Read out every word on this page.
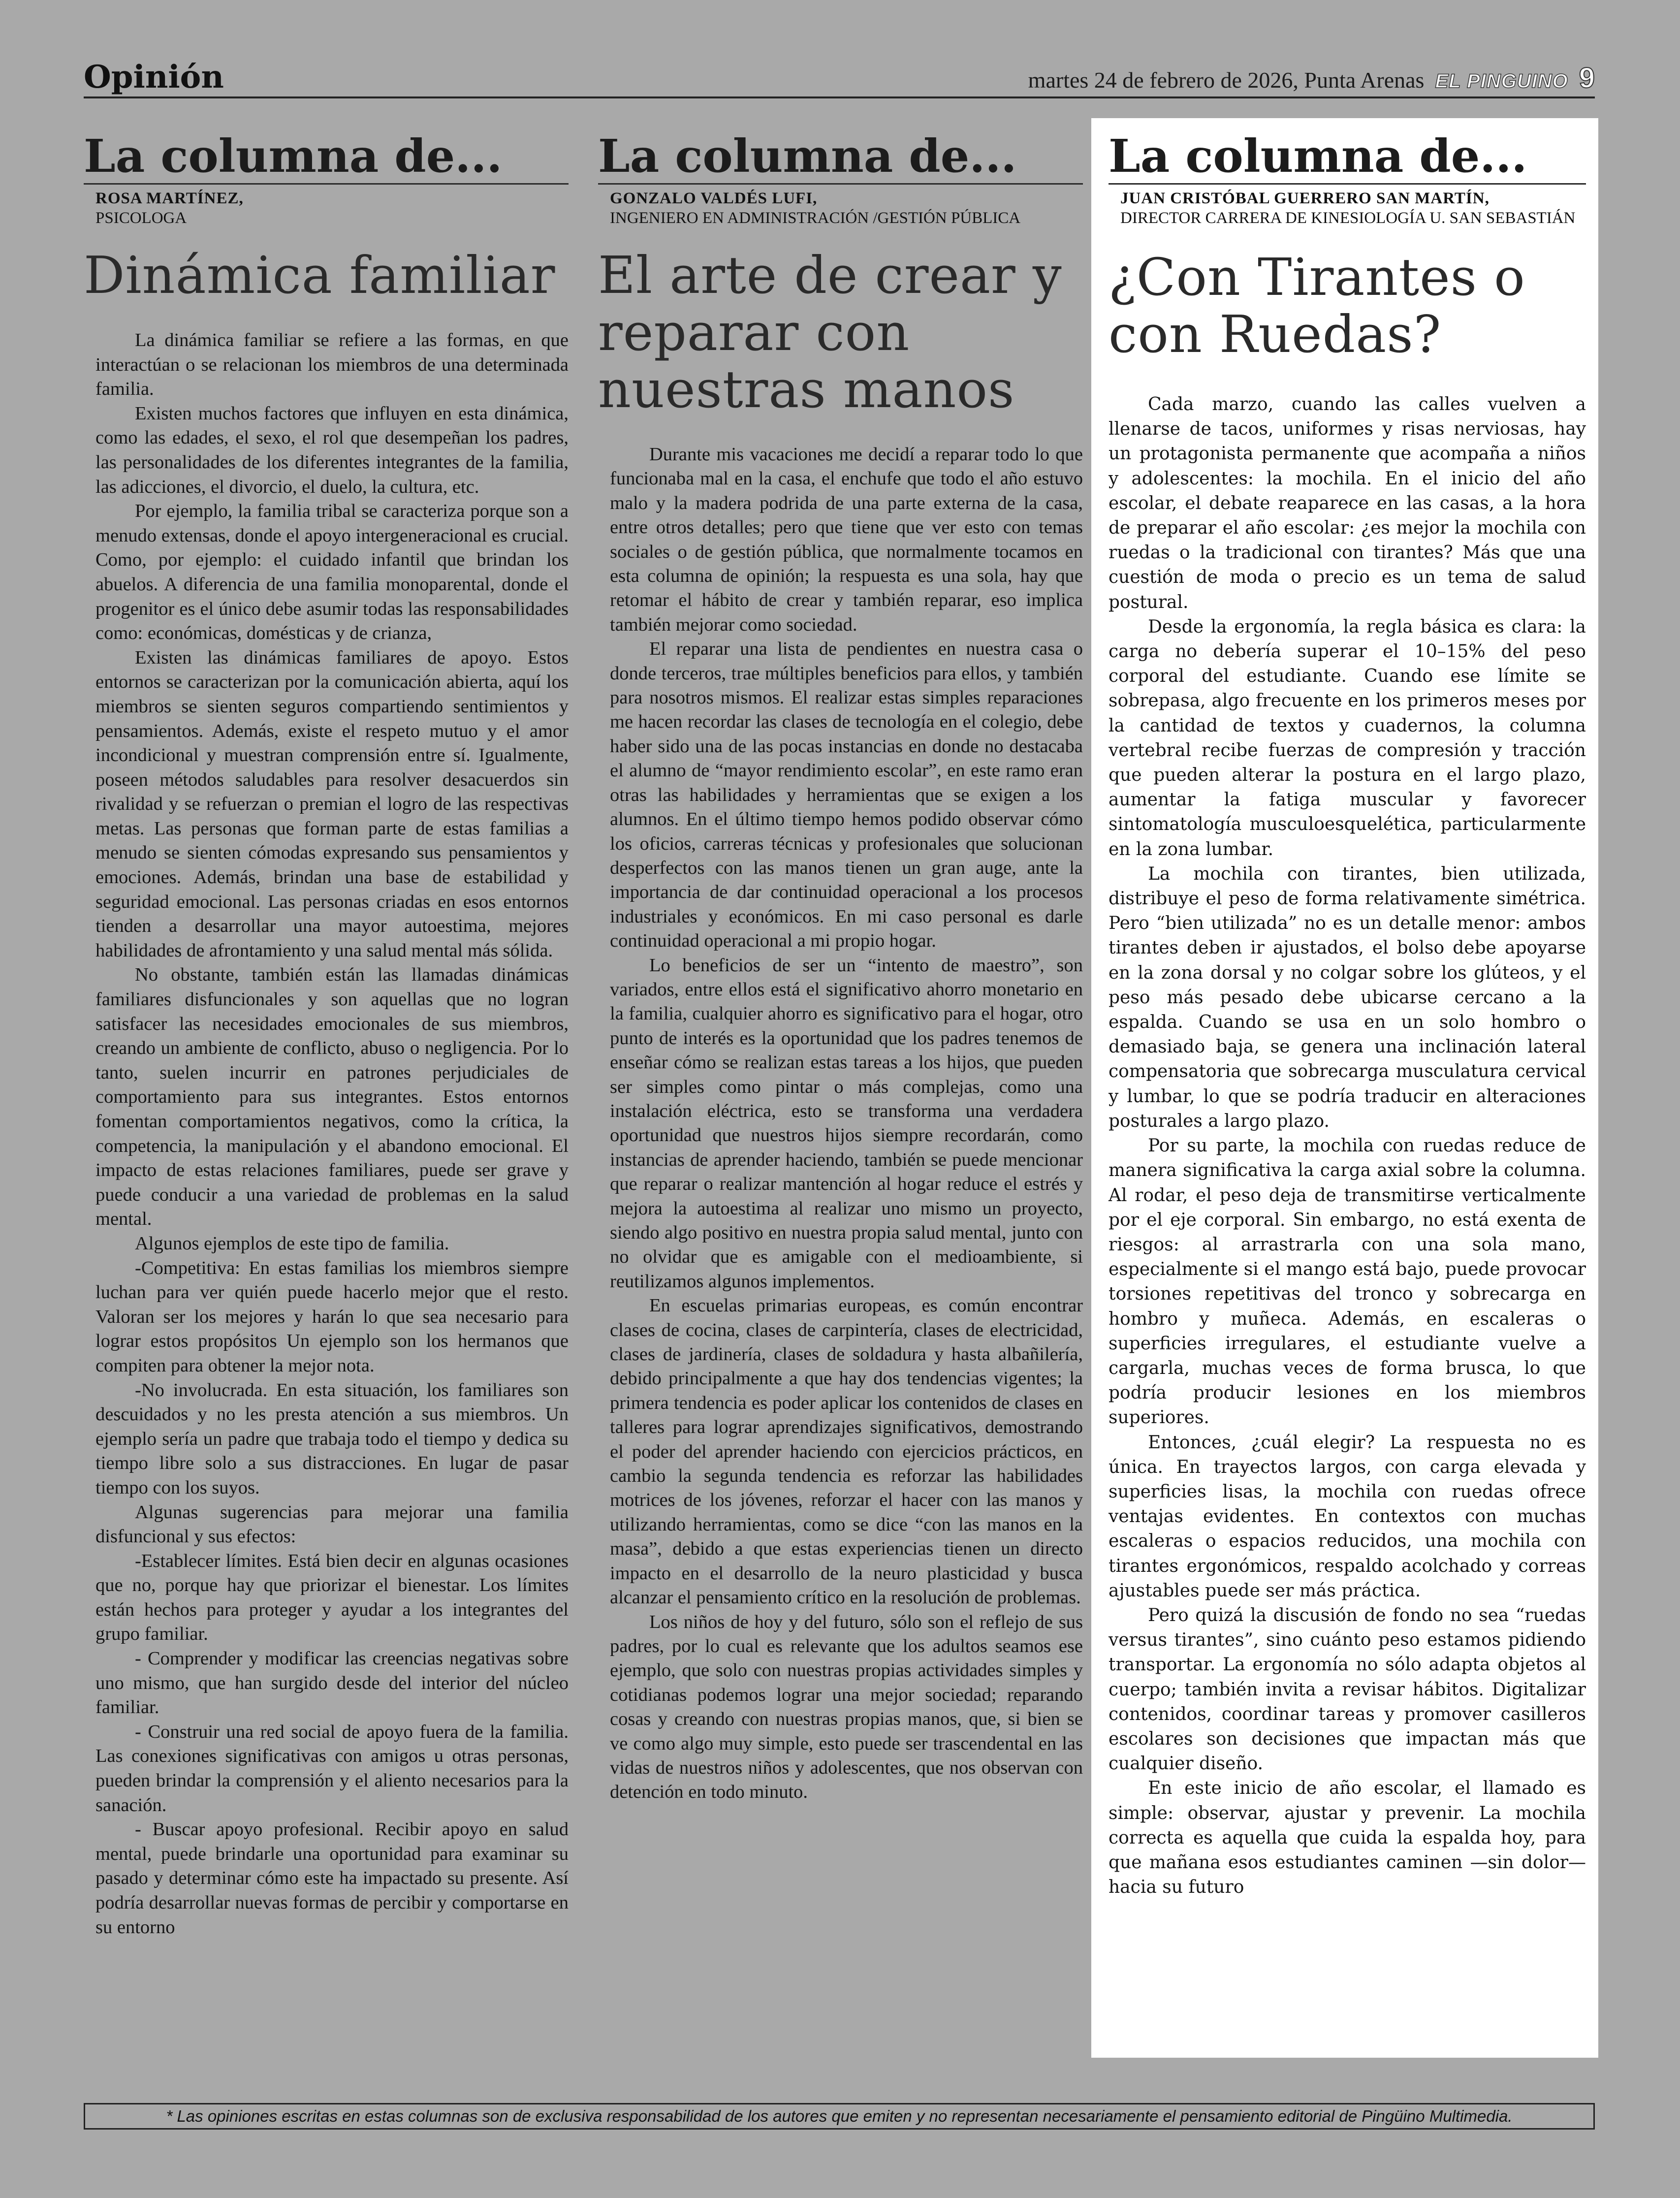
Opinión	martes 24 de febrero de 2026, Punta Arenas EL PINGUINO 9
La columna de...
ROSA MARTÍNEZ,
PSICOLOGA
Dinámica familiar

La dinámica familiar se refiere a las formas, en que interactúan o se relacionan los miembros de una determinada familia.

Existen muchos factores que influyen en esta dinámica, como las edades, el sexo, el rol que desempeñan los padres, las personalidades de los diferentes integrantes de la familia, las adicciones, el divorcio, el duelo, la cultura, etc.

Por ejemplo, la familia tribal se caracteriza porque son a menudo extensas, donde el apoyo intergeneracional es crucial. Como, por ejemplo: el cuidado infantil que brindan los abuelos. A diferencia de una familia monoparental, donde el progenitor es el único debe asumir todas las responsabilidades como: económicas, domésticas y de crianza,

Existen las dinámicas familiares de apoyo. Estos entornos se caracterizan por la comunicación abierta, aquí los miembros se sienten seguros compartiendo sentimientos y pensamientos. Además, existe el respeto mutuo y el amor incondicional y muestran comprensión entre sí. Igualmente, poseen métodos saludables para resolver desacuerdos sin rivalidad y se refuerzan o premian el logro de las respectivas metas. Las personas que forman parte de estas familias a menudo se sienten cómodas expresando sus pensamientos y emociones. Además, brindan una base de estabilidad y seguridad emocional. Las personas criadas en esos entornos tienden a desarrollar una mayor autoestima, mejores habilidades de afrontamiento y una salud mental más sólida.

No obstante, también están las llamadas dinámicas familiares disfuncionales y son aquellas que no logran satisfacer las necesidades emocionales de sus miembros, creando un ambiente de conflicto, abuso o negligencia. Por lo tanto, suelen incurrir en patrones perjudiciales de comportamiento para sus integrantes. Estos entornos fomentan comportamientos negativos, como la crítica, la competencia, la manipulación y el abandono emocional. El impacto de estas relaciones familiares, puede ser grave y puede conducir a una variedad de problemas en la salud mental.

Algunos ejemplos de este tipo de familia.

-Competitiva: En estas familias los miembros siempre luchan para ver quién puede hacerlo mejor que el resto. Valoran ser los mejores y harán lo que sea necesario para lograr estos propósitos Un ejemplo son los hermanos que compiten para obtener la mejor nota.

-No involucrada. En esta situación, los familiares son descuidados y no les presta atención a sus miembros. Un ejemplo sería un padre que trabaja todo el tiempo y dedica su tiempo libre solo a sus distracciones. En lugar de pasar tiempo con los suyos.

Algunas sugerencias para mejorar una familia disfuncional y sus efectos:

-Establecer límites. Está bien decir en algunas ocasiones que no, porque hay que priorizar el bienestar. Los límites están hechos para proteger y ayudar a los integrantes del grupo familiar.

- Comprender y modificar las creencias negativas sobre uno mismo, que han surgido desde del interior del núcleo familiar.

- Construir una red social de apoyo fuera de la familia. Las conexiones significativas con amigos u otras personas, pueden brindar la comprensión y el aliento necesarios para la sanación.

- Buscar apoyo profesional. Recibir apoyo en salud mental, puede brindarle una oportunidad para examinar su pasado y determinar cómo este ha impactado su presente. Así podría desarrollar nuevas formas de percibir y comportarse en su entorno

La columna de...
GONZALO VALDÉS LUFI,
INGENIERO EN ADMINISTRACIÓN /GESTIÓN PÚBLICA
El arte de crear y reparar con nuestras manos

Durante mis vacaciones me decidí a reparar todo lo que funcionaba mal en la casa, el enchufe que todo el año estuvo malo y la madera podrida de una parte externa de la casa, entre otros detalles; pero que tiene que ver esto con temas sociales o de gestión pública, que normalmente tocamos en esta columna de opinión; la respuesta es una sola, hay que retomar el hábito de crear y también reparar, eso implica también mejorar como sociedad.

El reparar una lista de pendientes en nuestra casa o donde terceros, trae múltiples beneficios para ellos, y también para nosotros mismos. El realizar estas simples reparaciones me hacen recordar las clases de tecnología en el colegio, debe haber sido una de las pocas instancias en donde no destacaba el alumno de “mayor rendimiento escolar”, en este ramo eran otras las habilidades y herramientas que se exigen a los alumnos. En el último tiempo hemos podido observar cómo los oficios, carreras técnicas y profesionales que solucionan desperfectos con las manos tienen un gran auge, ante la importancia de dar continuidad operacional a los procesos industriales y económicos. En mi caso personal es darle continuidad operacional a mi propio hogar.

Lo beneficios de ser un “intento de maestro”, son variados, entre ellos está el significativo ahorro monetario en la familia, cualquier ahorro es significativo para el hogar, otro punto de interés es la oportunidad que los padres tenemos de enseñar cómo se realizan estas tareas a los hijos, que pueden ser simples como pintar o más complejas, como una instalación eléctrica, esto se transforma una verdadera oportunidad que nuestros hijos siempre recordarán, como instancias de aprender haciendo, también se puede mencionar que reparar o realizar mantención al hogar reduce el estrés y mejora la autoestima al realizar uno mismo un proyecto, siendo algo positivo en nuestra propia salud mental, junto con no olvidar que es amigable con el medioambiente, si reutilizamos algunos implementos.

En escuelas primarias europeas, es común encontrar clases de cocina, clases de carpintería, clases de electricidad, clases de jardinería, clases de soldadura y hasta albañilería, debido principalmente a que hay dos tendencias vigentes; la primera tendencia es poder aplicar los contenidos de clases en talleres para lograr aprendizajes significativos, demostrando el poder del aprender haciendo con ejercicios prácticos, en cambio la segunda tendencia es reforzar las habilidades motrices de los jóvenes, reforzar el hacer con las manos y utilizando herramientas, como se dice “con las manos en la masa”, debido a que estas experiencias tienen un directo impacto en el desarrollo de la neuro plasticidad y busca alcanzar el pensamiento crítico en la resolución de problemas.

Los niños de hoy y del futuro, sólo son el reflejo de sus padres, por lo cual es relevante que los adultos seamos ese ejemplo, que solo con nuestras propias actividades simples y cotidianas podemos lograr una mejor sociedad; reparando cosas y creando con nuestras propias manos, que, si bien se ve como algo muy simple, esto puede ser trascendental en las vidas de nuestros niños y adolescentes, que nos observan con detención en todo minuto.

La columna de...
JUAN CRISTÓBAL GUERRERO SAN MARTÍN,
DIRECTOR CARRERA DE KINESIOLOGÍA U. SAN SEBASTIÁN
¿Con Tirantes o con Ruedas?

Cada marzo, cuando las calles vuelven a llenarse de tacos, uniformes y risas nerviosas, hay un protagonista permanente que acompaña a niños y adolescentes: la mochila. En el inicio del año escolar, el debate reaparece en las casas, a la hora de preparar el año escolar: ¿es mejor la mochila con ruedas o la tradicional con tirantes? Más que una cuestión de moda o precio es un tema de salud postural.

Desde la ergonomía, la regla básica es clara: la carga no debería superar el 10–15% del peso corporal del estudiante. Cuando ese límite se sobrepasa, algo frecuente en los primeros meses por la cantidad de textos y cuadernos, la columna vertebral recibe fuerzas de compresión y tracción que pueden alterar la postura en el largo plazo, aumentar la fatiga muscular y favorecer sintomatología musculoesquelética, particularmente en la zona lumbar.

La mochila con tirantes, bien utilizada, distribuye el peso de forma relativamente simétrica. Pero “bien utilizada” no es un detalle menor: ambos tirantes deben ir ajustados, el bolso debe apoyarse en la zona dorsal y no colgar sobre los glúteos, y el peso más pesado debe ubicarse cercano a la espalda. Cuando se usa en un solo hombro o demasiado baja, se genera una inclinación lateral compensatoria que sobrecarga musculatura cervical y lumbar, lo que se podría traducir en alteraciones posturales a largo plazo.

Por su parte, la mochila con ruedas reduce de manera significativa la carga axial sobre la columna. Al rodar, el peso deja de transmitirse verticalmente por el eje corporal. Sin embargo, no está exenta de riesgos: al arrastrarla con una sola mano, especialmente si el mango está bajo, puede provocar torsiones repetitivas del tronco y sobrecarga en hombro y muñeca. Además, en escaleras o superficies irregulares, el estudiante vuelve a cargarla, muchas veces de forma brusca, lo que podría producir lesiones en los miembros superiores.

Entonces, ¿cuál elegir? La respuesta no es única. En trayectos largos, con carga elevada y superficies lisas, la mochila con ruedas ofrece ventajas evidentes. En contextos con muchas escaleras o espacios reducidos, una mochila con tirantes ergonómicos, respaldo acolchado y correas ajustables puede ser más práctica.

Pero quizá la discusión de fondo no sea “ruedas versus tirantes”, sino cuánto peso estamos pidiendo transportar. La ergonomía no sólo adapta objetos al cuerpo; también invita a revisar hábitos. Digitalizar contenidos, coordinar tareas y promover casilleros escolares son decisiones que impactan más que cualquier diseño.

En este inicio de año escolar, el llamado es simple: observar, ajustar y prevenir. La mochila correcta es aquella que cuida la espalda hoy, para que mañana esos estudiantes caminen —sin dolor— hacia su futuro

* Las opiniones escritas en estas columnas son de exclusiva responsabilidad de los autores que emiten y no representan necesariamente el pensamiento editorial de Pingüino Multimedia.
